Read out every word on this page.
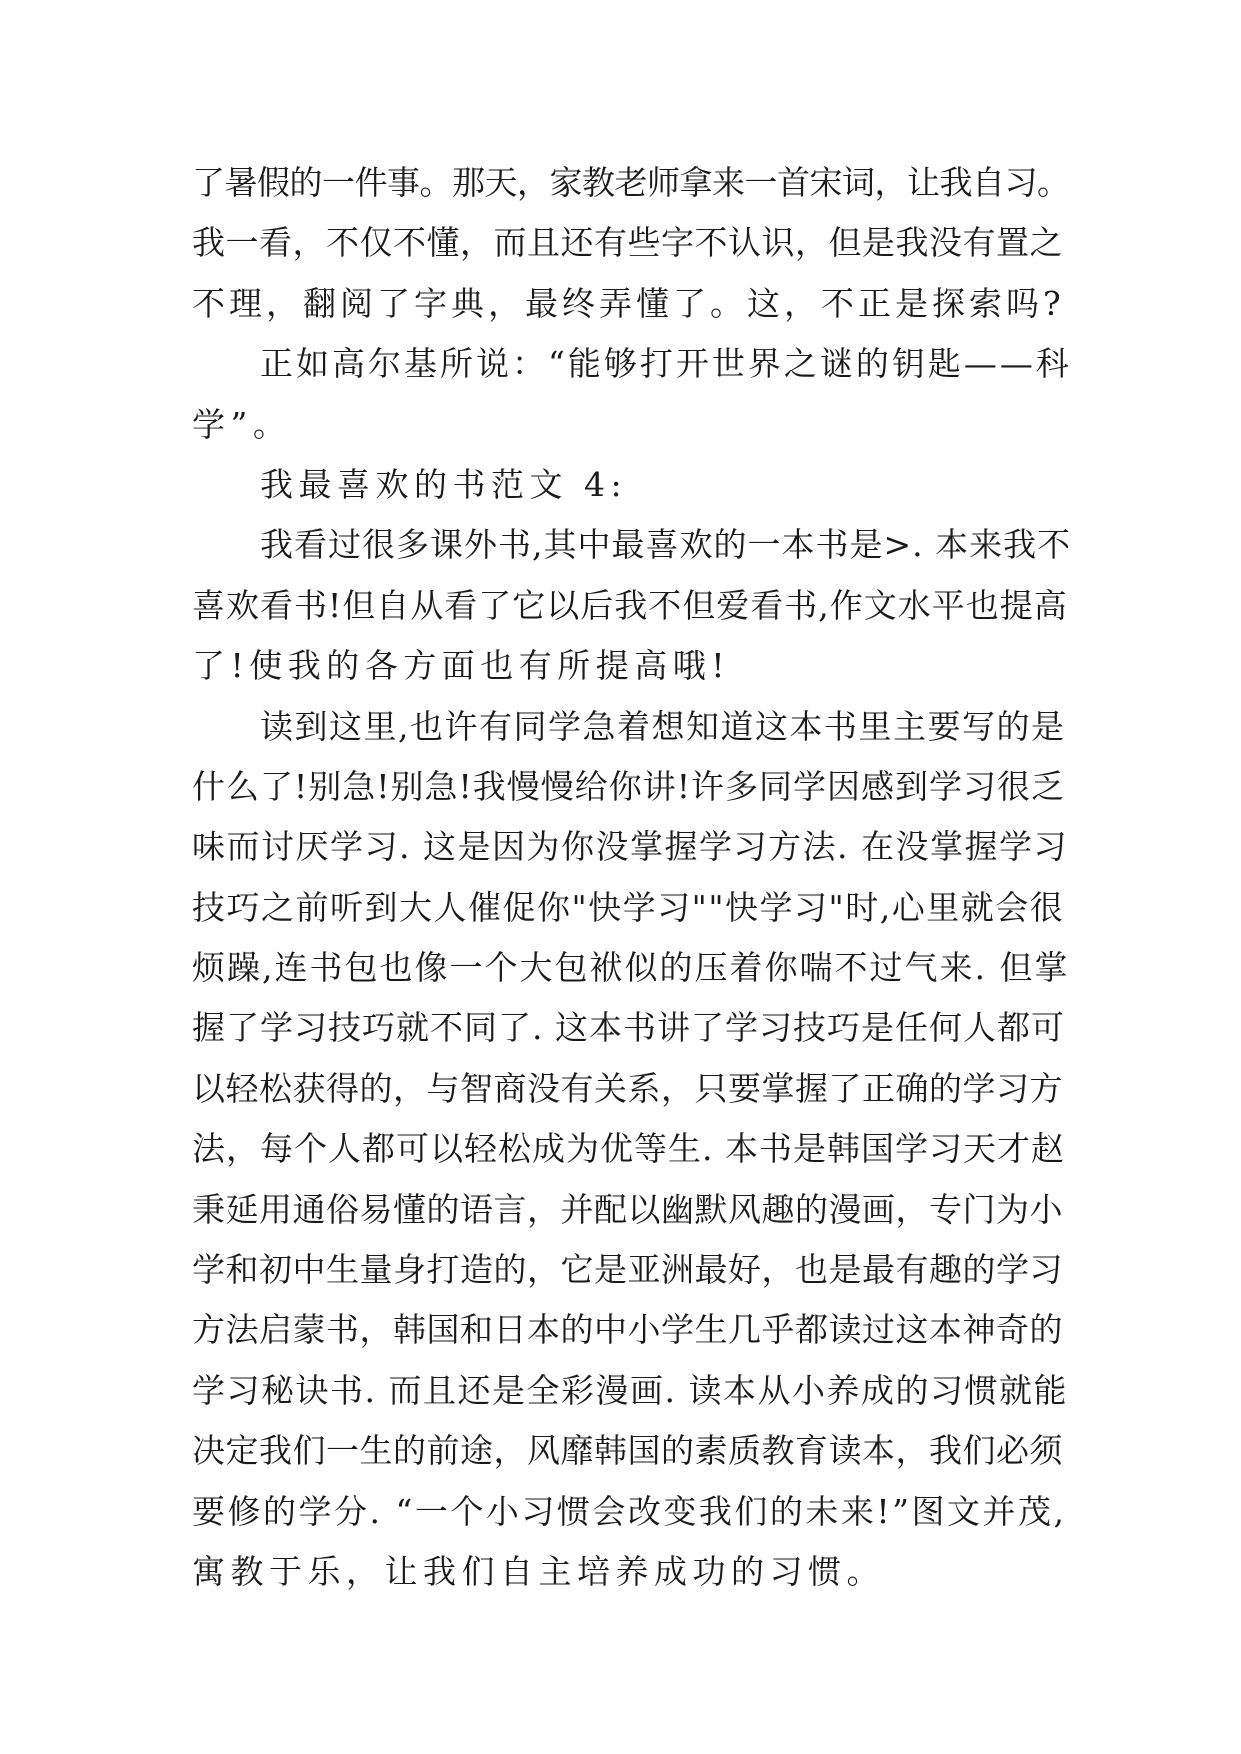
了暑假的一件事。那天，家教老师拿来一首宋词，让我自习。
我一看，不仅不懂，而且还有些字不认识，但是我没有置之
不理，翻阅了字典，最终弄懂了。这，不正是探索吗?
正如高尔基所说：“能够打开世界之谜的钥匙——科
学”。
我最喜欢的书范文 4:
我看过很多课外书,其中最喜欢的一本书是>. 本来我不
喜欢看书!但自从看了它以后我不但爱看书,作文水平也提高
了!使我的各方面也有所提高哦!
读到这里,也许有同学急着想知道这本书里主要写的是
什么了!别急!别急!我慢慢给你讲!许多同学因感到学习很乏
味而讨厌学习. 这是因为你没掌握学习方法. 在没掌握学习
技巧之前听到大人催促你"快学习""快学习"时,心里就会很
烦躁,连书包也像一个大包袱似的压着你喘不过气来. 但掌
握了学习技巧就不同了. 这本书讲了学习技巧是任何人都可
以轻松获得的，与智商没有关系，只要掌握了正确的学习方
法，每个人都可以轻松成为优等生. 本书是韩国学习天才赵
秉延用通俗易懂的语言，并配以幽默风趣的漫画，专门为小
学和初中生量身打造的，它是亚洲最好，也是最有趣的学习
方法启蒙书，韩国和日本的中小学生几乎都读过这本神奇的
学习秘诀书. 而且还是全彩漫画. 读本从小养成的习惯就能
决定我们一生的前途，风靡韩国的素质教育读本，我们必须
要修的学分. “一个小习惯会改变我们的未来!”图文并茂,
寓教于乐，让我们自主培养成功的习惯。
